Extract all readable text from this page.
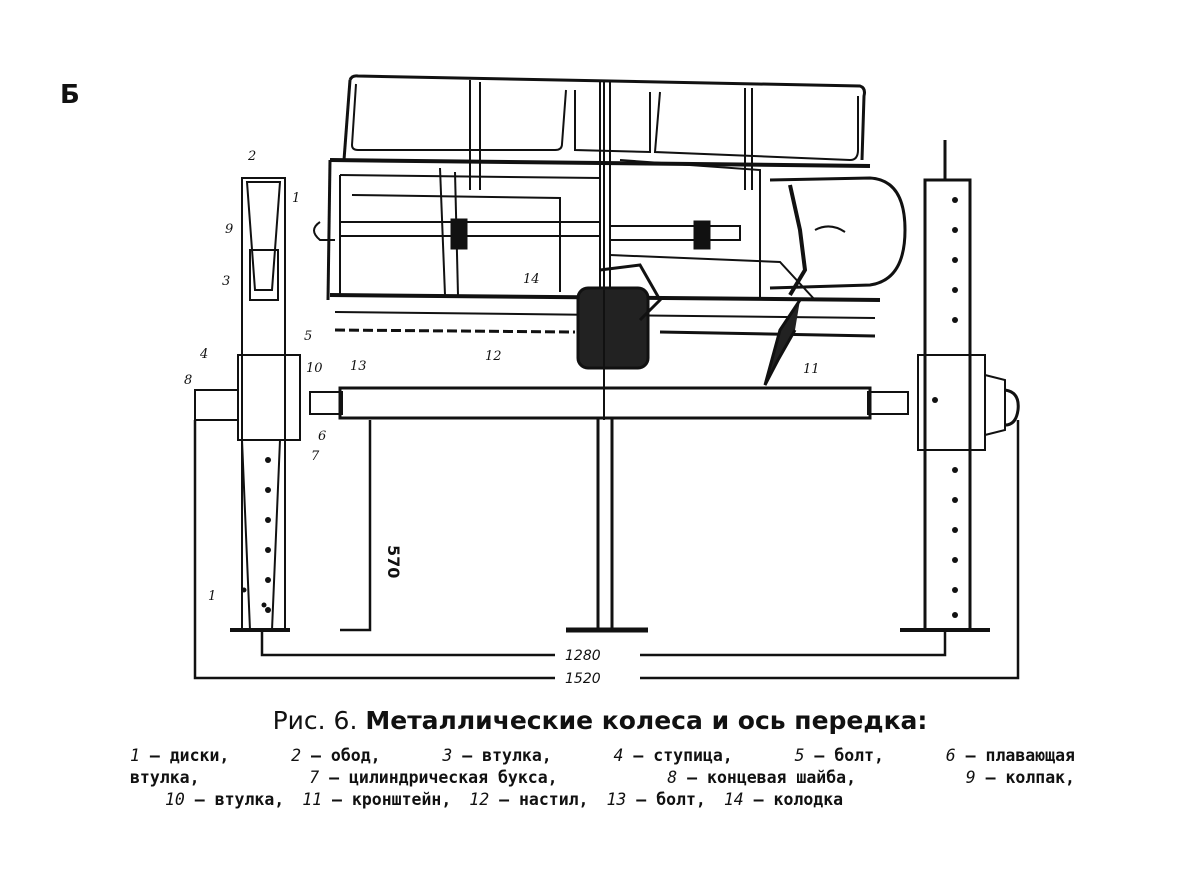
Б
2
1
9
3
5
4
10
8
6
7
1
13
12
14
11
1280
1520
570
Рис. 6. Металлические колеса и ось передка:
1 — диски,	2 — обод,	3 — втулка,	4 — ступица,	5 — болт,	6 — плавающая
втулка,	7 — цилиндрическая букса,	8 — концевая шайба,	9 — колпак,
10 — втулка, 11 — кронштейн, 12 — настил, 13 — болт, 14 — колодка
